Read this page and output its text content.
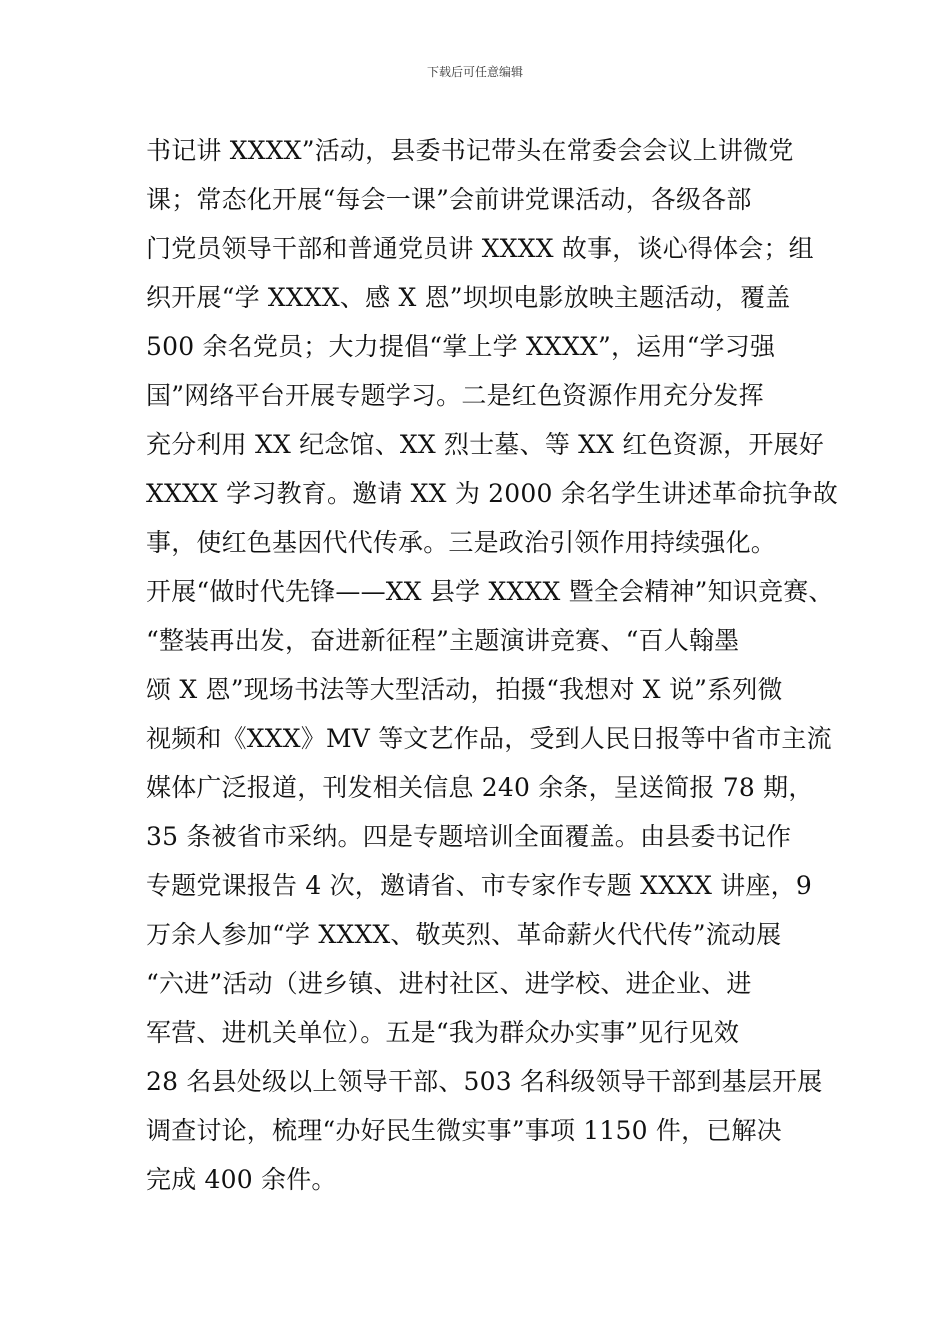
下载后可任意编辑
书记讲 XXXX”活动，县委书记带头在常委会会议上讲微党
课；常态化开展“每会一课”会前讲党课活动，各级各部
门党员领导干部和普通党员讲 XXXX 故事，谈心得体会；组
织开展“学 XXXX、感 X 恩”坝坝电影放映主题活动，覆盖
500 余名党员；大力提倡“掌上学 XXXX”，运用“学习强
国”网络平台开展专题学习。二是红色资源作用充分发挥
充分利用 XX 纪念馆、XX 烈士墓、等 XX 红色资源，开展好
XXXX 学习教育。邀请 XX 为 2000 余名学生讲述革命抗争故
事，使红色基因代代传承。三是政治引领作用持续强化。
开展“做时代先锋——XX 县学 XXXX 暨全会精神”知识竞赛、
“整装再出发，奋进新征程”主题演讲竞赛、“百人翰墨
颂 X 恩”现场书法等大型活动，拍摄“我想对 X 说”系列微
视频和《XXX》MV 等文艺作品，受到人民日报等中省市主流
媒体广泛报道，刊发相关信息 240 余条，呈送简报 78 期，
35 条被省市采纳。四是专题培训全面覆盖。由县委书记作
专题党课报告 4 次，邀请省、市专家作专题 XXXX 讲座，9
万余人参加“学 XXXX、敬英烈、革命薪火代代传”流动展
“六进”活动（进乡镇、进村社区、进学校、进企业、进
军营、进机关单位）。五是“我为群众办实事”见行见效
28 名县处级以上领导干部、503 名科级领导干部到基层开展
调查讨论，梳理“办好民生微实事”事项 1150 件，已解决
完成 400 余件。
